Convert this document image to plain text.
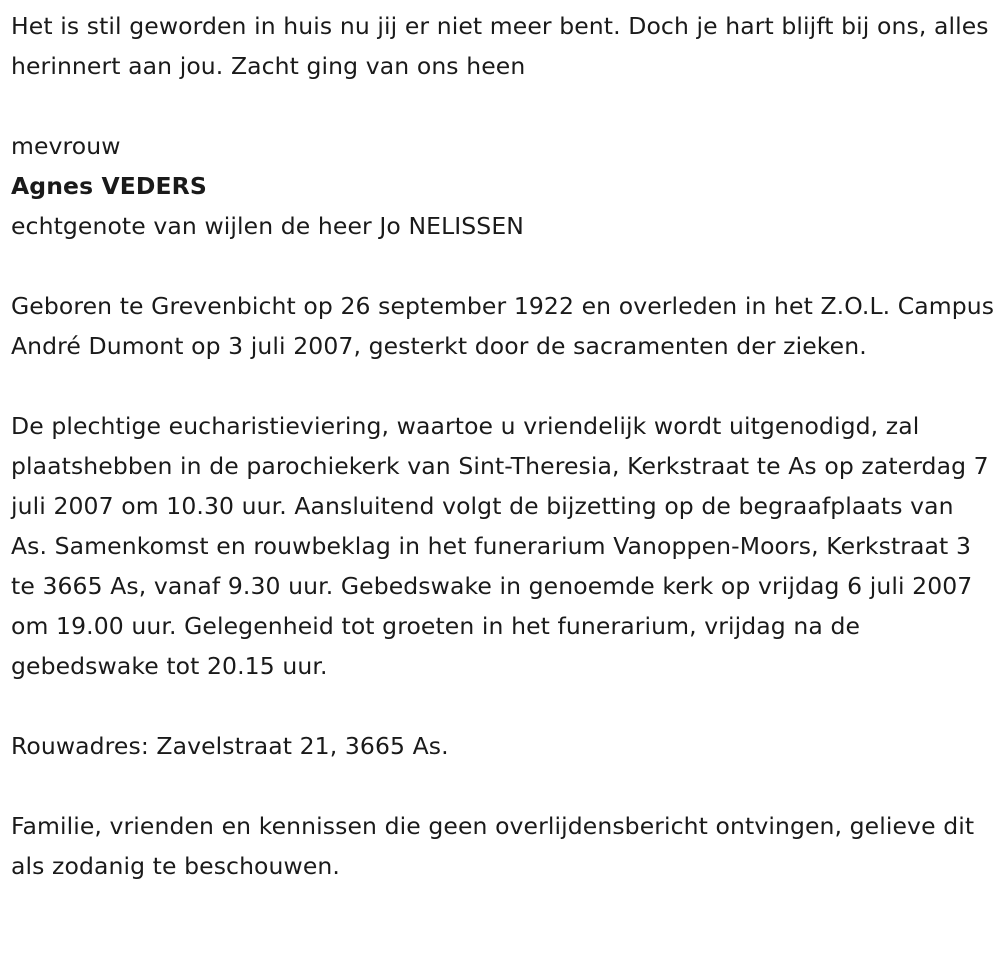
Het is stil geworden in huis nu jij er niet meer bent. Doch je hart blijft bij ons, alles herinnert aan jou. Zacht ging van ons heen

mevrouw

Agnes VEDERS

echtgenote van wijlen de heer Jo NELISSEN

Geboren te Grevenbicht op 26 september 1922 en overleden in het Z.O.L. Campus André Dumont op 3 juli 2007, gesterkt door de sacramenten der zieken.

De plechtige eucharistieviering, waartoe u vriendelijk wordt uitgenodigd, zal plaatshebben in de parochiekerk van Sint-Theresia, Kerkstraat te As op zaterdag 7 juli 2007 om 10.30 uur. Aansluitend volgt de bijzetting op de begraafplaats van As. Samenkomst en rouwbeklag in het funerarium Vanoppen-Moors, Kerkstraat 3 te 3665 As, vanaf 9.30 uur. Gebedswake in genoemde kerk op vrijdag 6 juli 2007 om 19.00 uur. Gelegenheid tot groeten in het funerarium, vrijdag na de gebedswake tot 20.15 uur.

Rouwadres: Zavelstraat 21, 3665 As.

Familie, vrienden en kennissen die geen overlijdensbericht ontvingen, gelieve dit als zodanig te beschouwen.
